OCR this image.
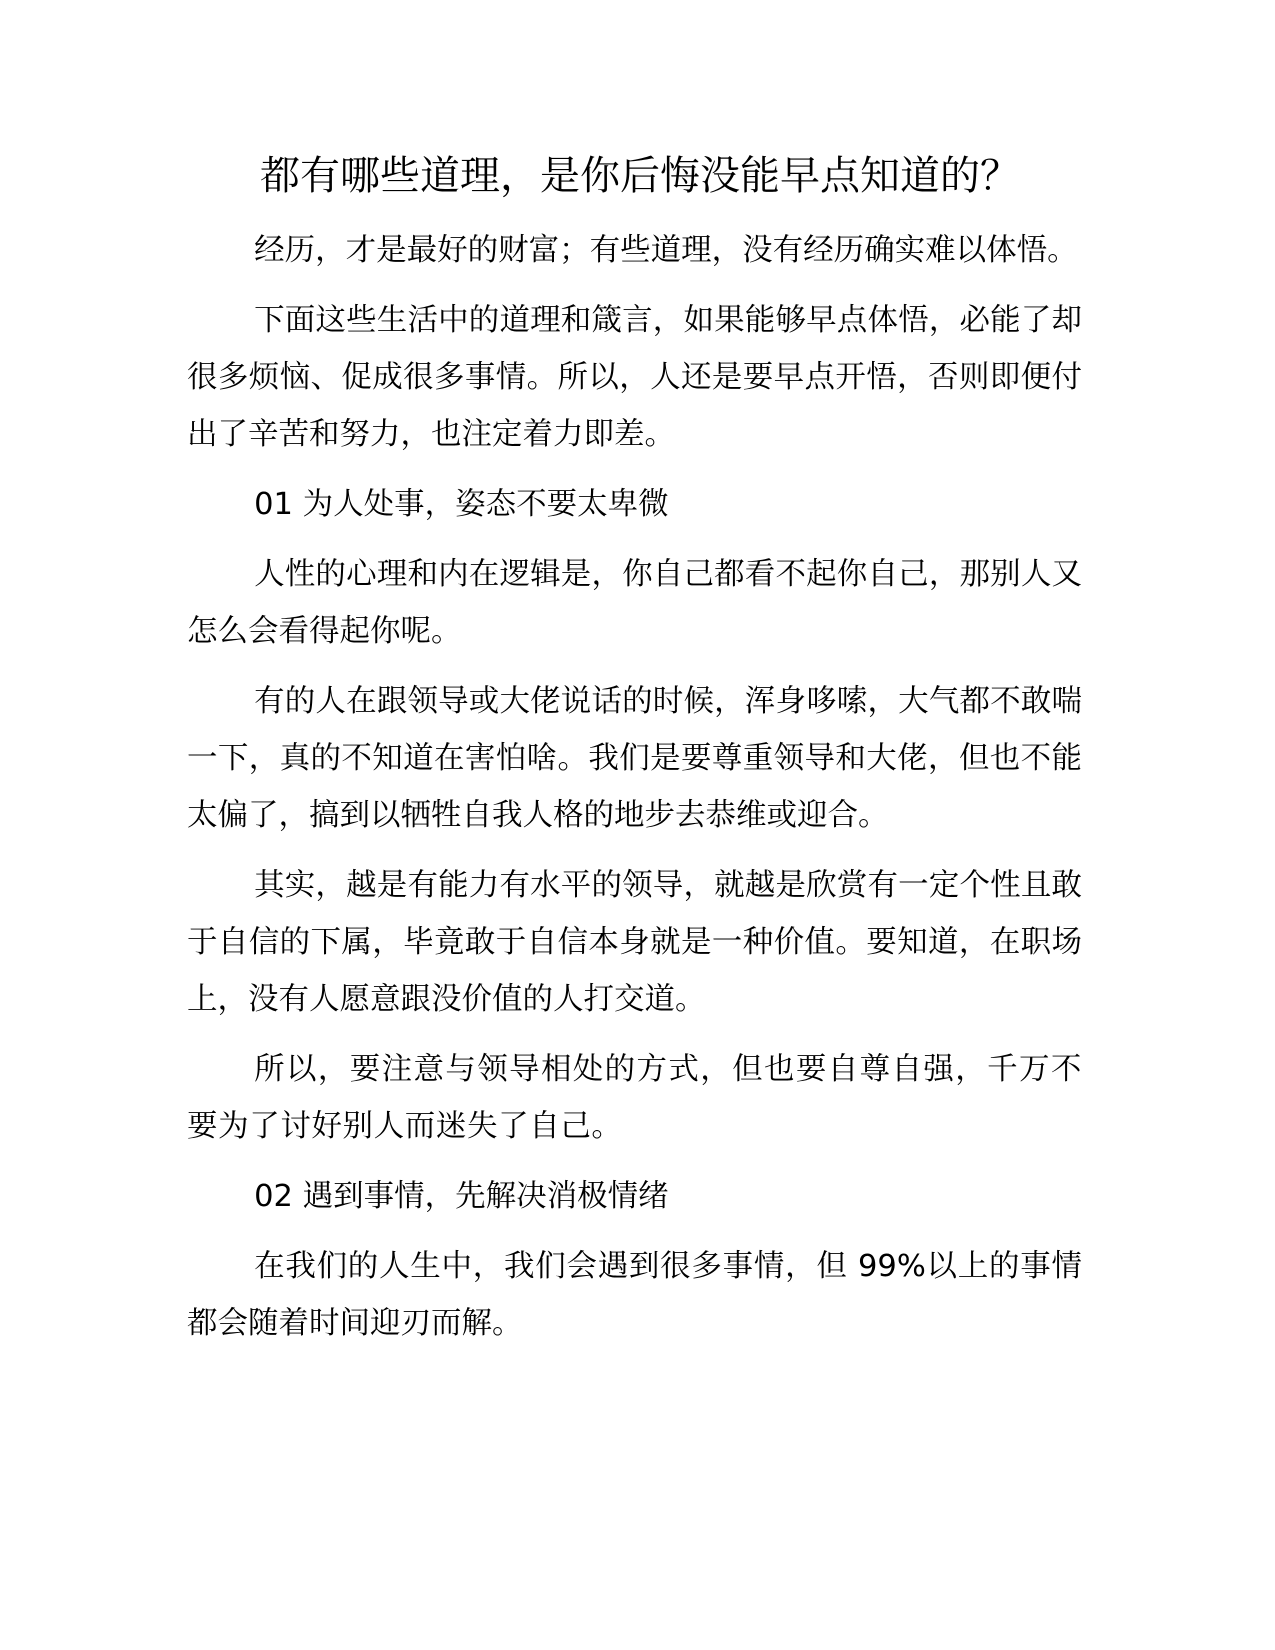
都有哪些道理，是你后悔没能早点知道的？

经历，才是最好的财富；有些道理，没有经历确实难以体悟。

下面这些生活中的道理和箴言，如果能够早点体悟，必能了却很多烦恼、促成很多事情。所以，人还是要早点开悟，否则即便付出了辛苦和努力，也注定着力即差。

01 为人处事，姿态不要太卑微

人性的心理和内在逻辑是，你自己都看不起你自己，那别人又怎么会看得起你呢。

有的人在跟领导或大佬说话的时候，浑身哆嗦，大气都不敢喘一下，真的不知道在害怕啥。我们是要尊重领导和大佬，但也不能太偏了，搞到以牺牲自我人格的地步去恭维或迎合。

其实，越是有能力有水平的领导，就越是欣赏有一定个性且敢于自信的下属，毕竟敢于自信本身就是一种价值。要知道，在职场上，没有人愿意跟没价值的人打交道。

所以，要注意与领导相处的方式，但也要自尊自强，千万不要为了讨好别人而迷失了自己。

02 遇到事情，先解决消极情绪

在我们的人生中，我们会遇到很多事情，但 99%以上的事情都会随着时间迎刃而解。
